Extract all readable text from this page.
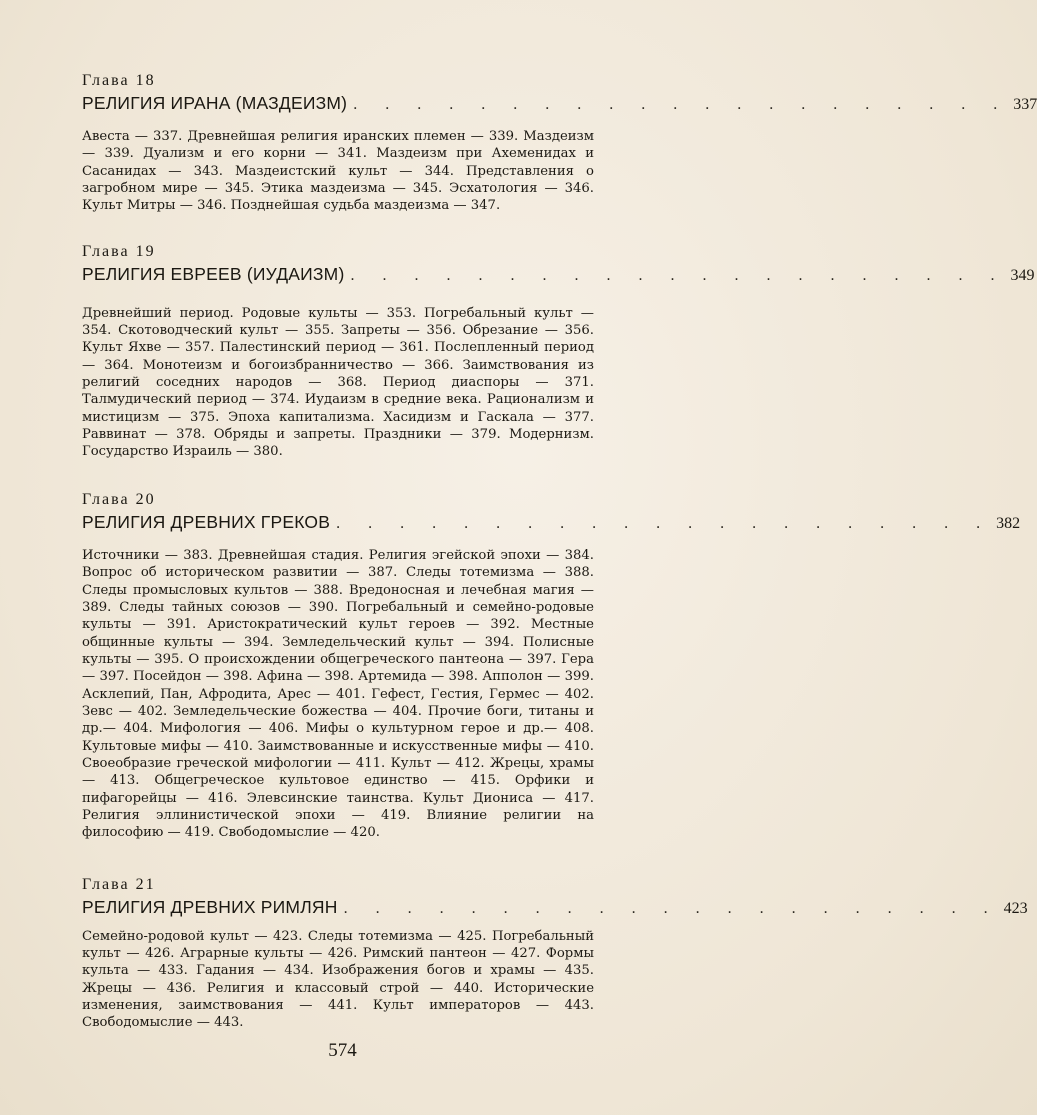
Глава 18
РЕЛИГИЯ ИРАНА (МАЗДЕИЗМ) . . . . . . . . . . . . . . . . . . . . . 337

Авеста — 337. Древнейшая религия иранских племен — 339. Маздеизм — 339. Дуализм и его корни — 341. Маздеизм при Ахеменидах и Сасанидах — 343. Маздеистский культ — 344. Представления о загробном мире — 345. Этика маздеизма — 345. Эсхатология — 346. Культ Митры — 346. Позднейшая судьба маздеизма — 347.

Глава 19
РЕЛИГИЯ ЕВРЕЕВ (ИУДАИЗМ) . . . . . . . . . . . . . . . . . . . . . 349

Древнейший период. Родовые культы — 353. Погребальный культ — 354. Скотоводческий культ — 355. Запреты — 356. Обрезание — 356. Культ Яхве — 357. Палестинский период — 361. Послепленный период — 364. Монотеизм и богоизбранничество — 366. Заимствования из религий соседних народов — 368. Период диаспоры — 371. Талмудический период — 374. Иудаизм в средние века. Рационализм и мистицизм — 375. Эпоха капитализма. Хасидизм и Гаскала — 377. Раввинат — 378. Обряды и запреты. Праздники — 379. Модернизм. Государство Израиль — 380.

Глава 20
РЕЛИГИЯ ДРЕВНИХ ГРЕКОВ . . . . . . . . . . . . . . . . . . . . . 382

Источники — 383. Древнейшая стадия. Религия эгейской эпохи — 384. Вопрос об историческом развитии — 387. Следы тотемизма — 388. Следы промысловых культов — 388. Вредоносная и лечебная магия — 389. Следы тайных союзов — 390. Погребальный и семейно-родовые культы — 391. Аристократический культ героев — 392. Местные общинные культы — 394. Земледельческий культ — 394. Полисные культы — 395. О происхождении общегреческого пантеона — 397. Гера — 397. Посейдон — 398. Афина — 398. Артемида — 398. Апполон — 399. Асклепий, Пан, Афродита, Арес — 401. Гефест, Гестия, Гермес — 402. Зевс — 402. Земледельческие божества — 404. Прочие боги, титаны и др.— 404. Мифология — 406. Мифы о культурном герое и др.— 408. Культовые мифы — 410. Заимствованные и искусственные мифы — 410. Своеобразие греческой мифологии — 411. Культ — 412. Жрецы, храмы — 413. Общегреческое культовое единство — 415. Орфики и пифагорейцы — 416. Элевсинские таинства. Культ Диониса — 417. Религия эллинистической эпохи — 419. Влияние религии на философию — 419. Свободомыслие — 420.

Глава 21
РЕЛИГИЯ ДРЕВНИХ РИМЛЯН . . . . . . . . . . . . . . . . . . . . . 423

Семейно-родовой культ — 423. Следы тотемизма — 425. Погребальный культ — 426. Аграрные культы — 426. Римский пантеон — 427. Формы культа — 433. Гадания — 434. Изображения богов и храмы — 435. Жрецы — 436. Религия и классовый строй — 440. Исторические изменения, заимствования — 441. Культ императоров — 443. Свободомыслие — 443.

574
